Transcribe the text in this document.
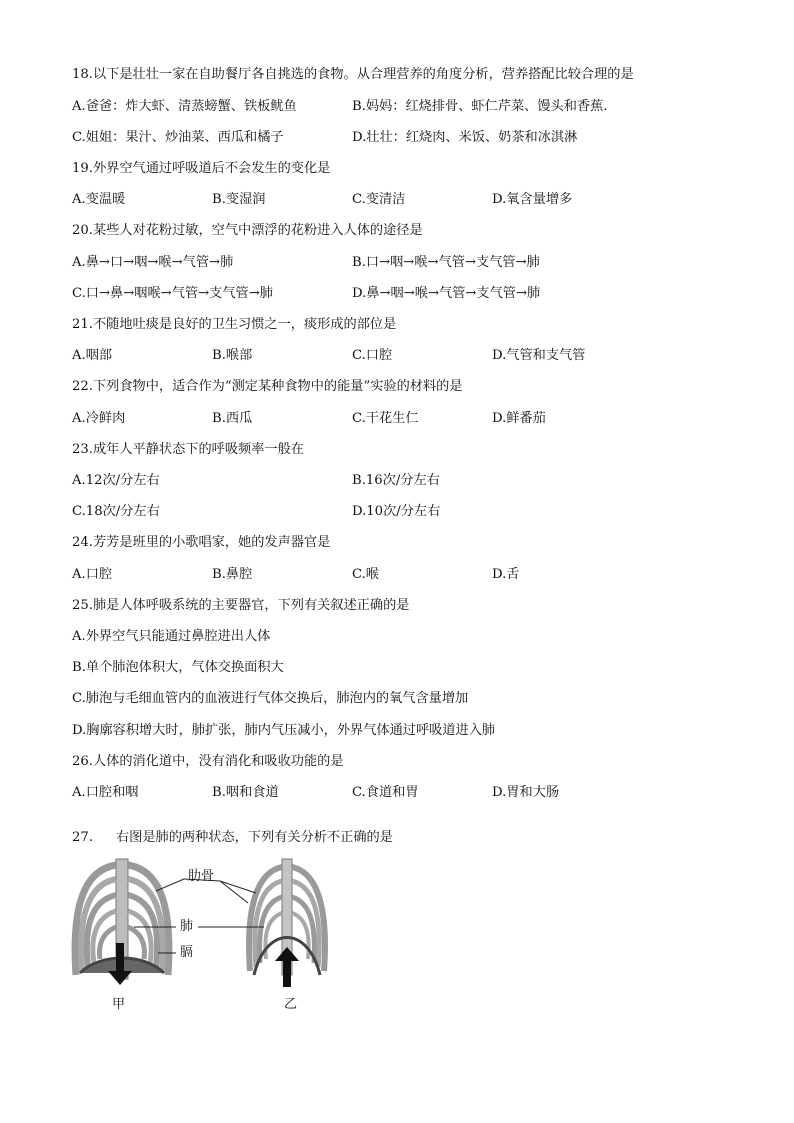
18.以下是壮壮一家在自助餐厅各自挑选的食物。从合理营养的角度分析，营养搭配比较合理的是
A.爸爸：炸大虾、清蒸螃蟹、铁板鱿鱼	B.妈妈：红烧排骨、虾仁芹菜、馒头和香蕉.
C.姐姐：果汁、炒油菜、西瓜和橘子	D.壮壮：红烧肉、米饭、奶茶和冰淇淋
19.外界空气通过呼吸道后不会发生的变化是
A.变温暖	B.变湿润	C.变清洁	D.氧含量增多
20.某些人对花粉过敏，空气中漂浮的花粉进入人体的途径是
A.鼻→口→咽→喉→气管→肺	B.口→咽→喉→气管→支气管→肺
C.口→鼻→咽喉→气管→支气管→肺	D.鼻→咽→喉→气管→支气管→肺
21.不随地吐痰是良好的卫生习惯之一，痰形成的部位是
A.咽部	B.喉部	C.口腔	D.气管和支气管
22.下列食物中，适合作为“测定某种食物中的能量”实验的材料的是
A.冷鲜肉	B.西瓜	C.干花生仁	D.鲜番茄
23.成年人平静状态下的呼吸频率一般在
A.12次/分左右	B.16次/分左右
C.18次/分左右	D.10次/分左右
24.芳芳是班里的小歌唱家，她的发声器官是
A.口腔	B.鼻腔	C.喉	D.舌
25.肺是人体呼吸系统的主要器官，下列有关叙述正确的是
A.外界空气只能通过鼻腔进出人体
B.单个肺泡体积大，气体交换面积大
C.肺泡与毛细血管内的血液进行气体交换后，肺泡内的氧气含量增加
D.胸廓容积增大时，肺扩张，肺内气压减小，外界气体通过呼吸道进入肺
26.人体的消化道中，没有消化和吸收功能的是
A.口腔和咽	B.咽和食道	C.食道和胃	D.胃和大肠
27. 右图是肺的两种状态，下列有关分析不正确的是
肋骨
肺
膈
甲	乙
